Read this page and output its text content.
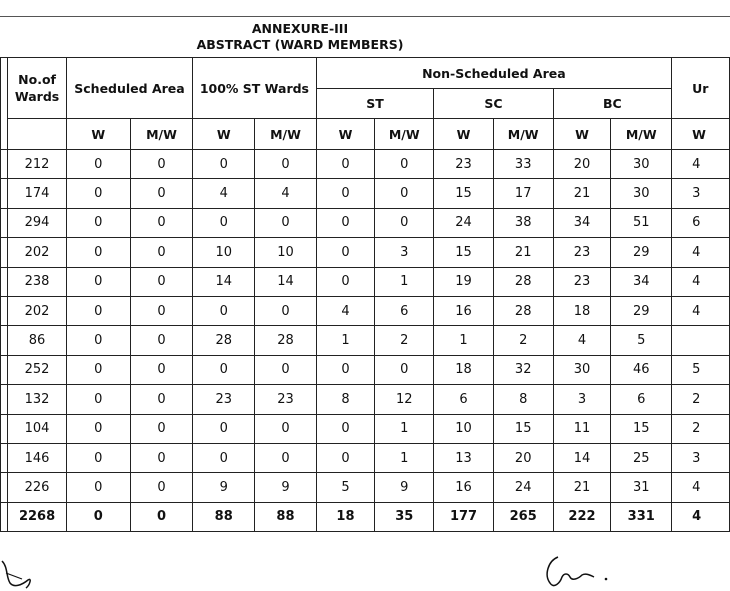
ANNEXURE-III
ABSTRACT (WARD MEMBERS)
	No.of Wards	Scheduled Area		100% ST Wards		Non-Scheduled Area						Ur
						ST		SC		BC		
		W	M/W	W	M/W	W	M/W	W	M/W	W	M/W	W
	212	0	0	0	0	0	0	23	33	20	30	4
	174	0	0	4	4	0	0	15	17	21	30	3
	294	0	0	0	0	0	0	24	38	34	51	6
	202	0	0	10	10	0	3	15	21	23	29	4
	238	0	0	14	14	0	1	19	28	23	34	4
	202	0	0	0	0	4	6	16	28	18	29	4
	86	0	0	28	28	1	2	1	2	4	5	
	252	0	0	0	0	0	0	18	32	30	46	5
	132	0	0	23	23	8	12	6	8	3	6	2
	104	0	0	0	0	0	1	10	15	11	15	2
	146	0	0	0	0	0	1	13	20	14	25	3
	226	0	0	9	9	5	9	16	24	21	31	4
	2268	0	0	88	88	18	35	177	265	222	331	4
